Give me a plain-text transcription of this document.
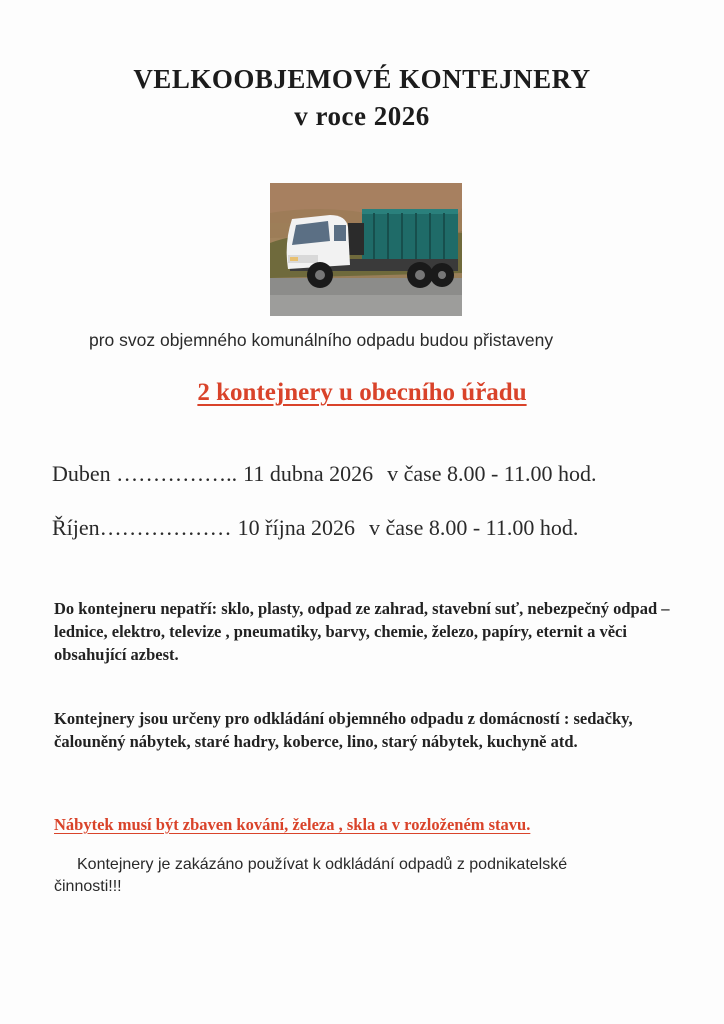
VELKOOBJEMOVÉ KONTEJNERY
v roce 2026
pro svoz objemného komunálního odpadu budou přistaveny
2 kontejnery u obecního úřadu
Duben …………….. 11 dubna 2026 v čase 8.00 - 11.00 hod.
Říjen……………… 10 října 2026 v čase 8.00 - 11.00 hod.

Do kontejneru nepatří: sklo, plasty, odpad ze zahrad, stavební suť, nebezpečný odpad – lednice, elektro, televize , pneumatiky, barvy, chemie, železo, papíry, eternit a věci obsahující azbest.

Kontejnery jsou určeny pro odkládání objemného odpadu z domácností : sedačky, čalouněný nábytek, staré hadry, koberce, lino, starý nábytek, kuchyně atd.

Nábytek musí být zbaven kování, železa , skla a v rozloženém stavu.

Kontejnery je zakázáno používat k odkládání odpadů z podnikatelské činnosti!!!
